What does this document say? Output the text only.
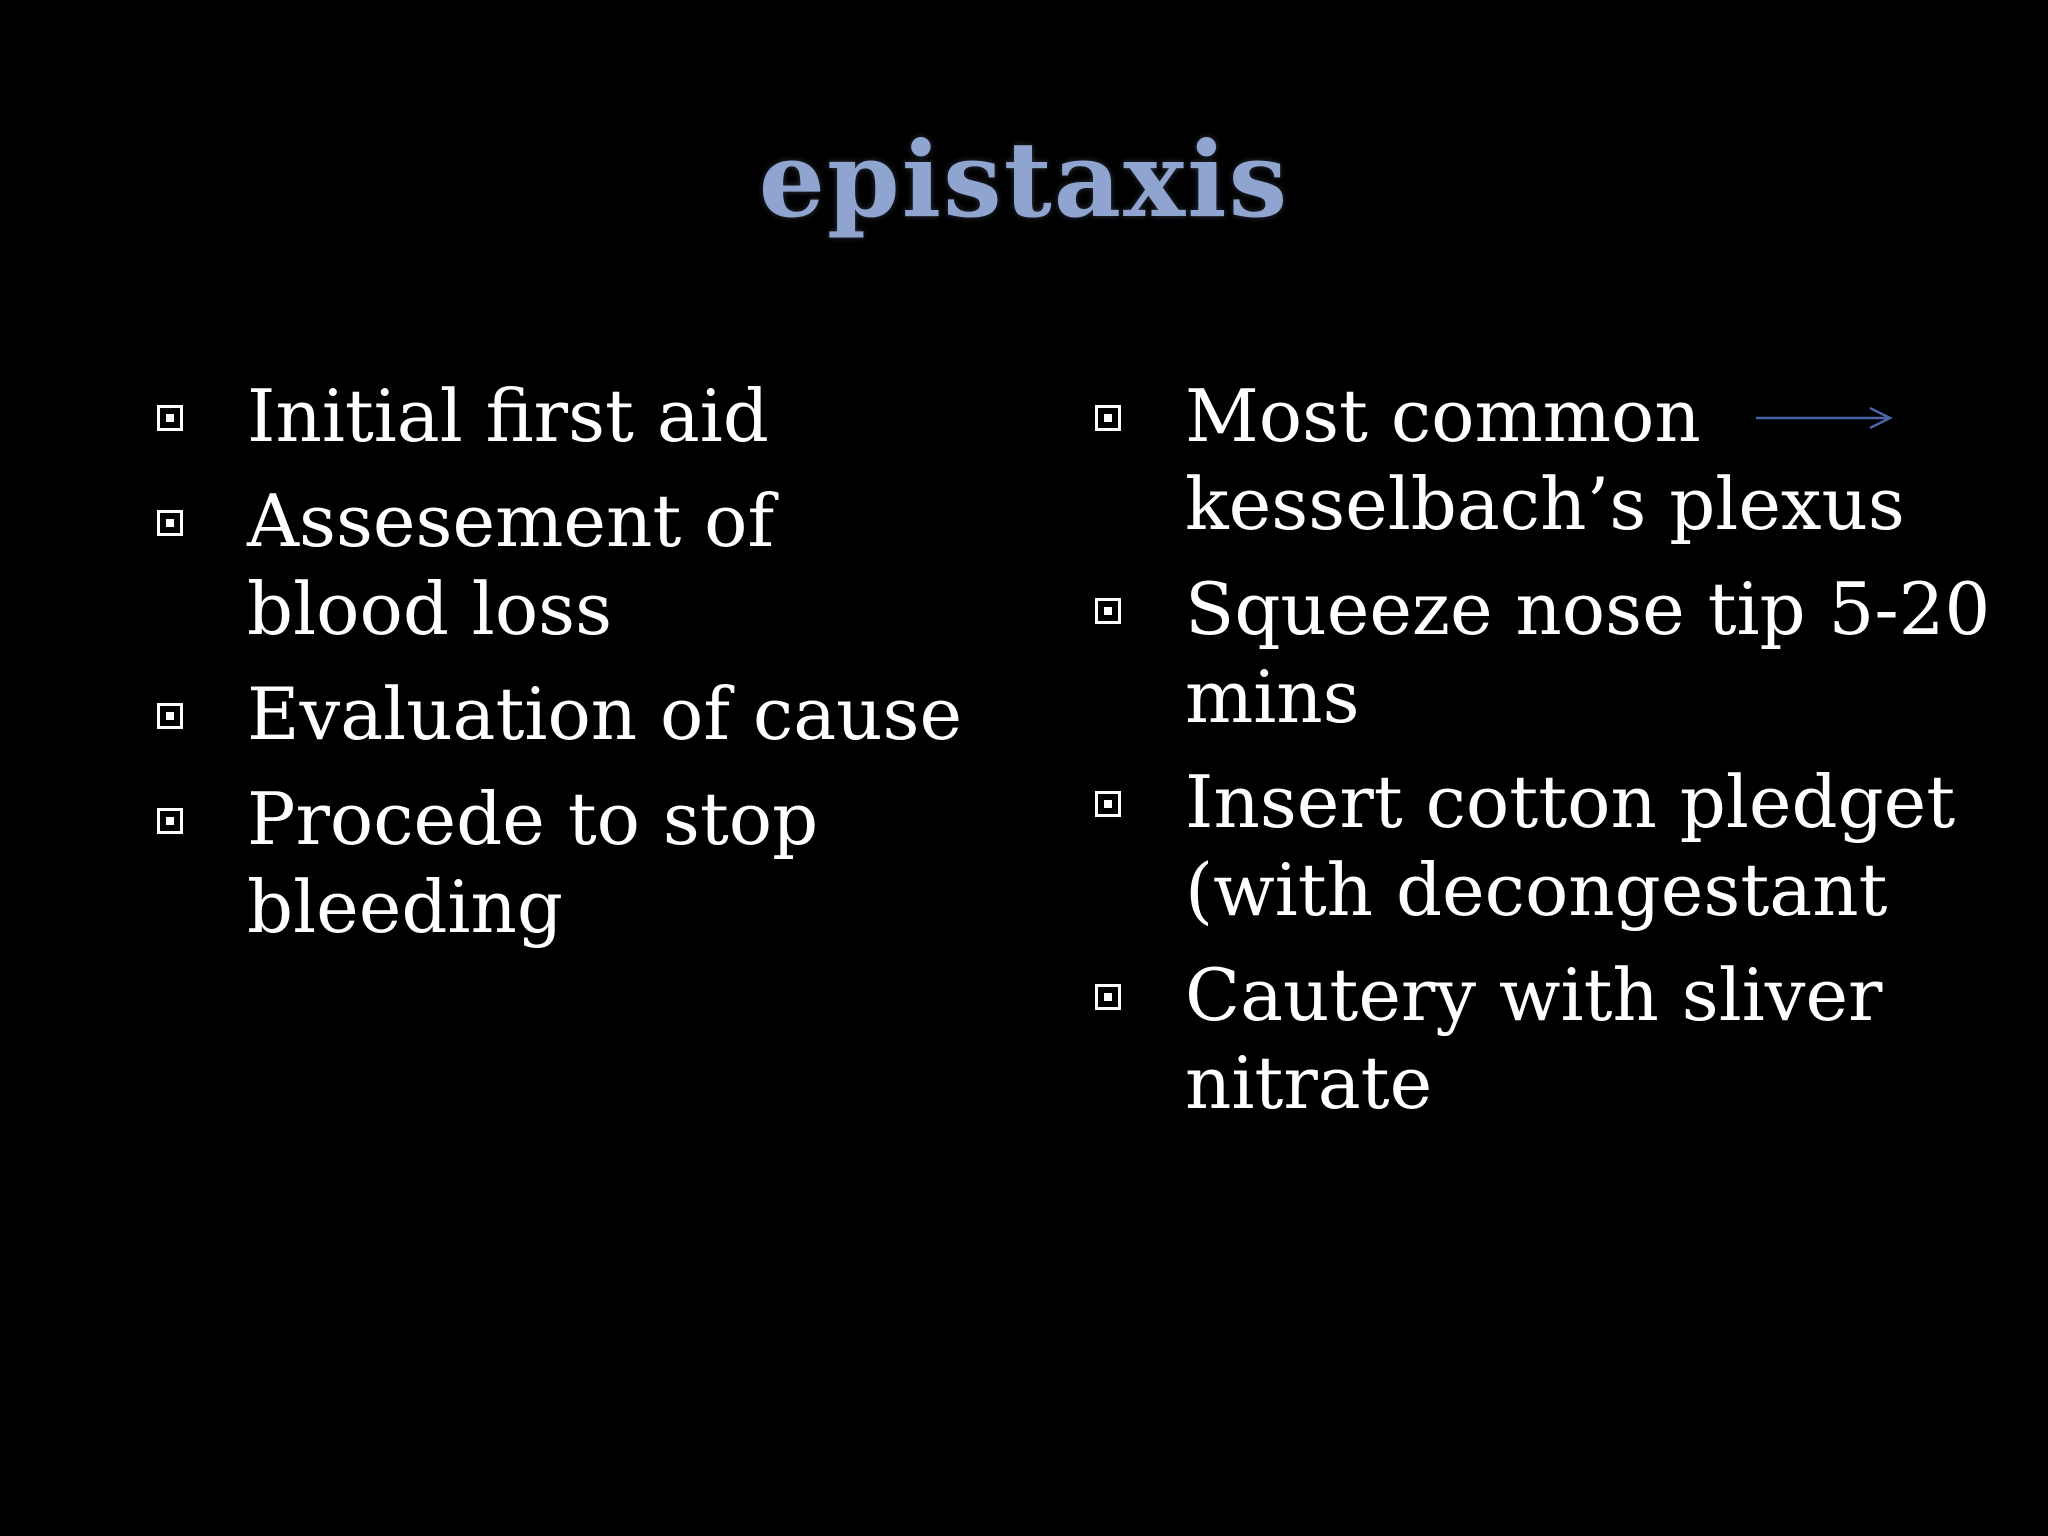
epistaxis
Initial first aid
Assesement of blood loss
Evaluation of cause
Procede to stop bleeding
Most common
kesselbach’s plexus
Squeeze nose tip 5-20 mins
Insert cotton pledget (with decongestant
Cautery with sliver nitrate
